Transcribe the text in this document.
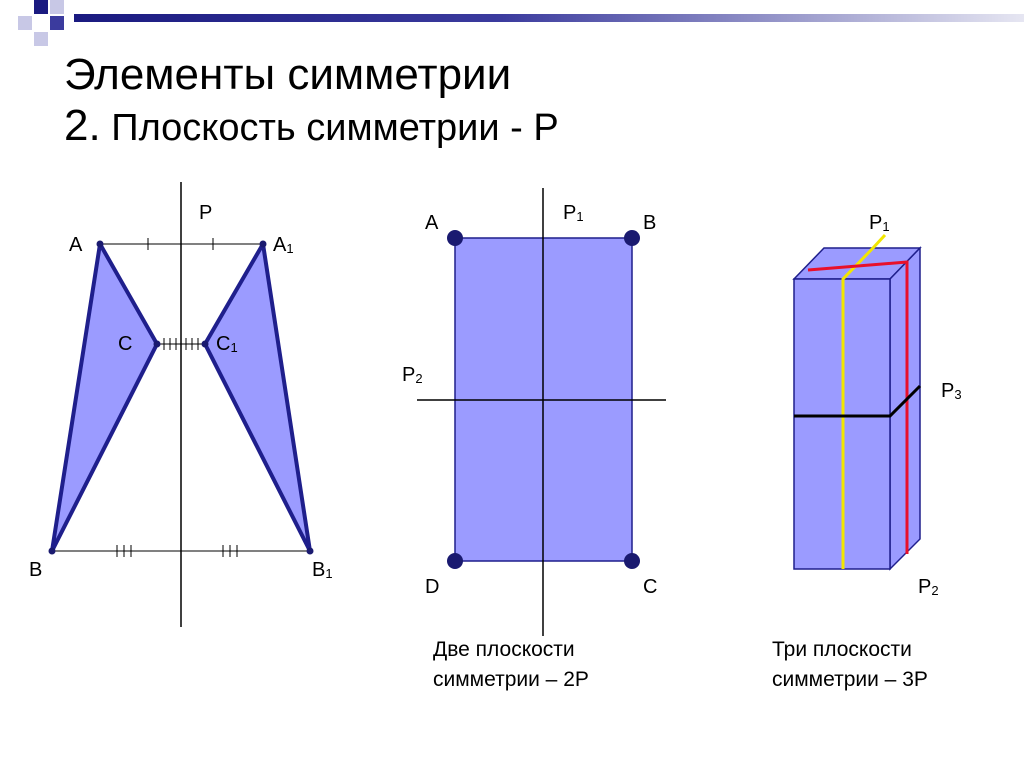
Элементы симметрии
2. Плоскость симметрии - Р
Р
А	А1
С	С1
В	В1
А	В
D	С
Р1
Р2
Р1
Р3
Р2
Две плоскости
симметрии – 2Р
Три плоскости
симметрии – 3Р
